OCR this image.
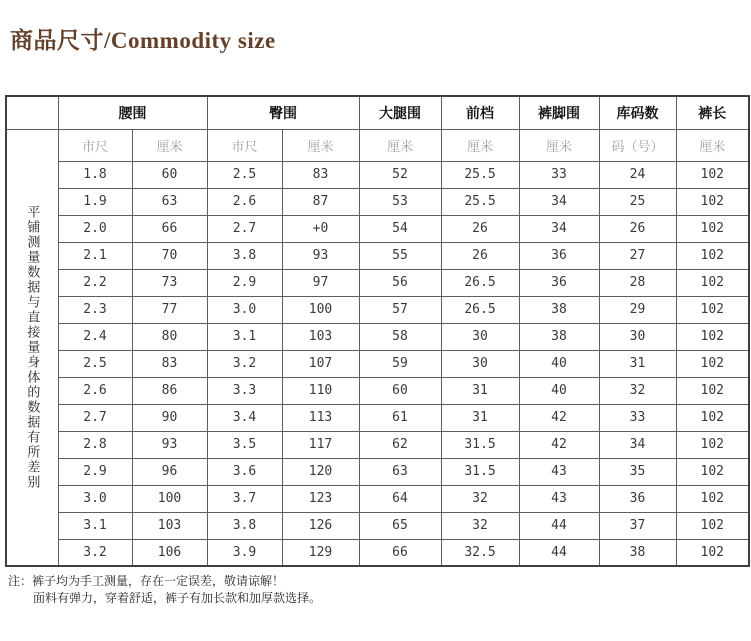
商品尺寸/Commodity size
	腰围		臀围		大腿围	前档	裤脚围	库码数	裤长
平铺测量数据与直接量身体的数据有所差别	市尺	厘米	市尺	厘米	厘米	厘米	厘米	码（号）	厘米
	1.8	60	2.5	83	52	25.5	33	24	102
	1.9	63	2.6	87	53	25.5	34	25	102
	2.0	66	2.7	+0	54	26	34	26	102
	2.1	70	3.8	93	55	26	36	27	102
	2.2	73	2.9	97	56	26.5	36	28	102
	2.3	77	3.0	100	57	26.5	38	29	102
	2.4	80	3.1	103	58	30	38	30	102
	2.5	83	3.2	107	59	30	40	31	102
	2.6	86	3.3	110	60	31	40	32	102
	2.7	90	3.4	113	61	31	42	33	102
	2.8	93	3.5	117	62	31.5	42	34	102
	2.9	96	3.6	120	63	31.5	43	35	102
	3.0	100	3.7	123	64	32	43	36	102
	3.1	103	3.8	126	65	32	44	37	102
	3.2	106	3.9	129	66	32.5	44	38	102
注：裤子均为手工测量，存在一定误差，敬请谅解！
面料有弹力，穿着舒适，裤子有加长款和加厚款选择。
